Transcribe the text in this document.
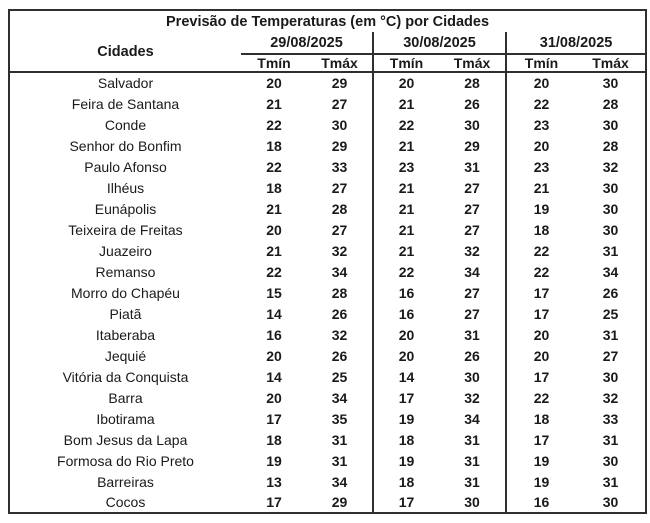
Previsão de Temperaturas (em °C) por Cidades						
Cidades	29/08/2025		30/08/2025		31/08/2025	
	Tmín	Tmáx	Tmín	Tmáx	Tmín	Tmáx
Salvador	20	29	20	28	20	30
Feira de Santana	21	27	21	26	22	28
Conde	22	30	22	30	23	30
Senhor do Bonfim	18	29	21	29	20	28
Paulo Afonso	22	33	23	31	23	32
Ilhéus	18	27	21	27	21	30
Eunápolis	21	28	21	27	19	30
Teixeira de Freitas	20	27	21	27	18	30
Juazeiro	21	32	21	32	22	31
Remanso	22	34	22	34	22	34
Morro do Chapéu	15	28	16	27	17	26
Piatã	14	26	16	27	17	25
Itaberaba	16	32	20	31	20	31
Jequié	20	26	20	26	20	27
Vitória da Conquista	14	25	14	30	17	30
Barra	20	34	17	32	22	32
Ibotirama	17	35	19	34	18	33
Bom Jesus da Lapa	18	31	18	31	17	31
Formosa do Rio Preto	19	31	19	31	19	30
Barreiras	13	34	18	31	19	31
Cocos	17	29	17	30	16	30
